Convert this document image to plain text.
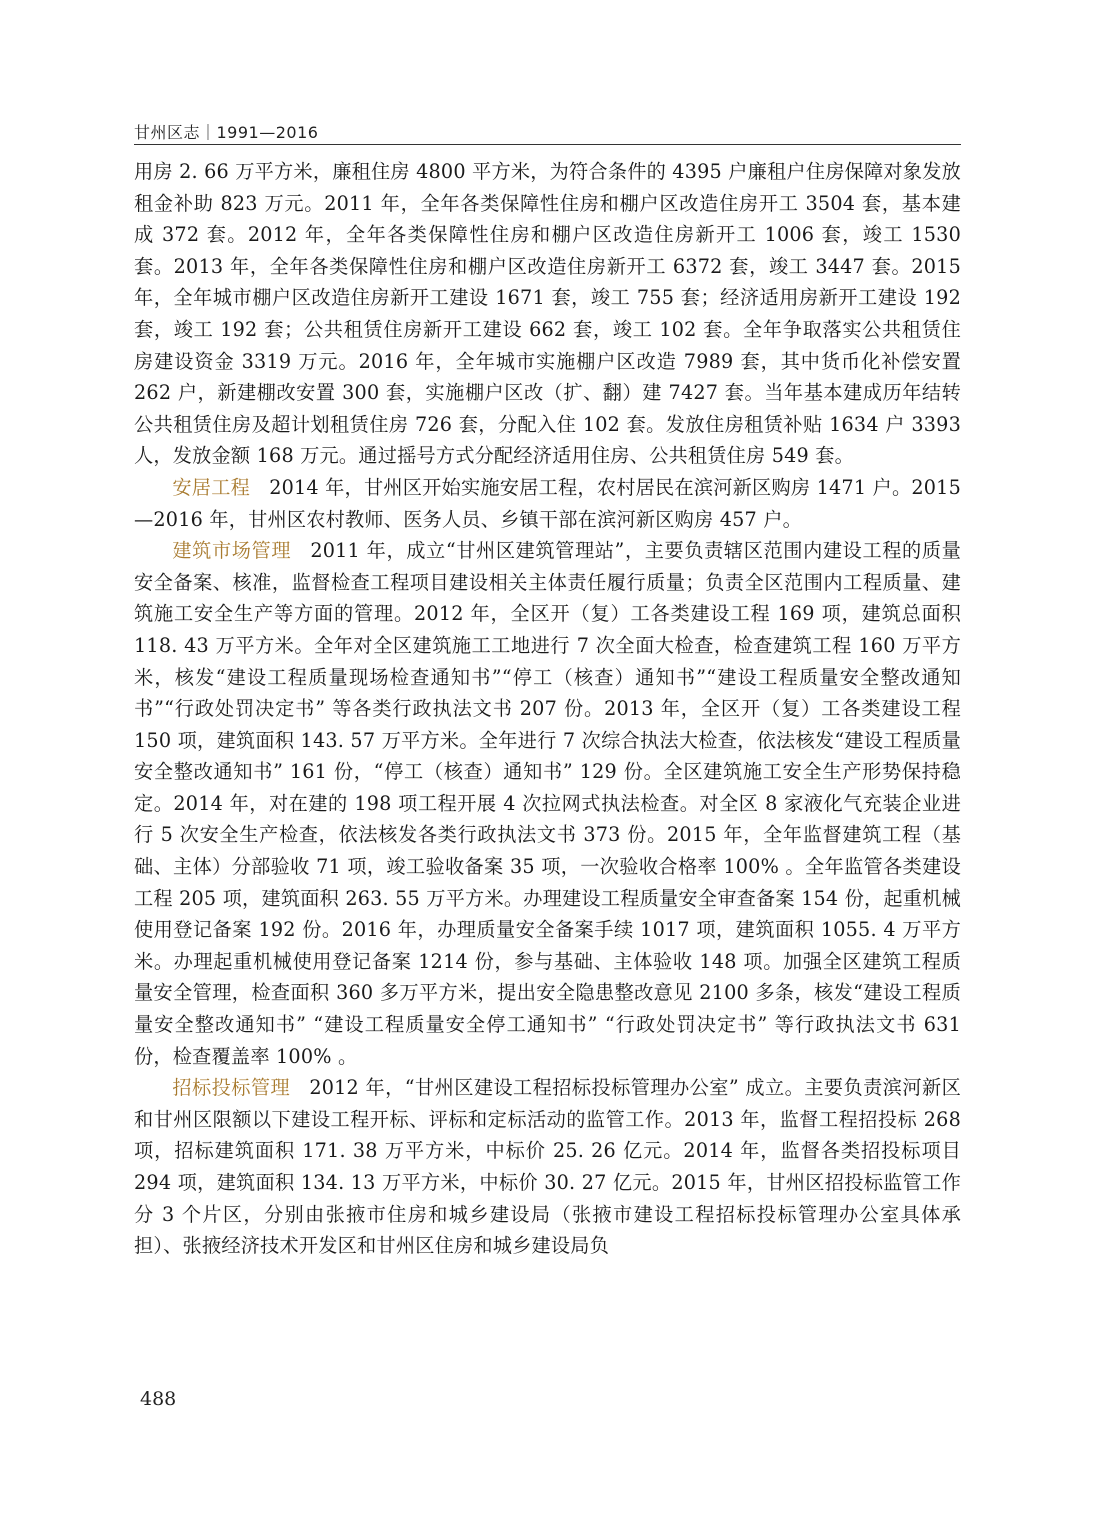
甘州区志｜1991—2016

用房 2. 66 万平方米，廉租住房 4800 平方米，为符合条件的 4395 户廉租户住房保障对象发放租金补助 823 万元。2011 年，全年各类保障性住房和棚户区改造住房开工 3504 套，基本建成 372 套。2012 年，全年各类保障性住房和棚户区改造住房新开工 1006 套，竣工 1530 套。2013 年，全年各类保障性住房和棚户区改造住房新开工 6372 套，竣工 3447 套。2015 年，全年城市棚户区改造住房新开工建设 1671 套，竣工 755 套；经济适用房新开工建设 192 套，竣工 192 套；公共租赁住房新开工建设 662 套，竣工 102 套。全年争取落实公共租赁住房建设资金 3319 万元。2016 年，全年城市实施棚户区改造 7989 套，其中货币化补偿安置 262 户，新建棚改安置 300 套，实施棚户区改（扩、翻）建 7427 套。当年基本建成历年结转公共租赁住房及超计划租赁住房 726 套，分配入住 102 套。发放住房租赁补贴 1634 户 3393 人，发放金额 168 万元。通过摇号方式分配经济适用住房、公共租赁住房 549 套。

安居工程 2014 年，甘州区开始实施安居工程，农村居民在滨河新区购房 1471 户。2015—2016 年，甘州区农村教师、医务人员、乡镇干部在滨河新区购房 457 户。

建筑市场管理 2011 年，成立“甘州区建筑管理站”，主要负责辖区范围内建设工程的质量安全备案、核准，监督检查工程项目建设相关主体责任履行质量；负责全区范围内工程质量、建筑施工安全生产等方面的管理。2012 年，全区开（复）工各类建设工程 169 项，建筑总面积 118. 43 万平方米。全年对全区建筑施工工地进行 7 次全面大检查，检查建筑工程 160 万平方米，核发“建设工程质量现场检查通知书”“停工（核查）通知书”“建设工程质量安全整改通知书”“行政处罚决定书” 等各类行政执法文书 207 份。2013 年，全区开（复）工各类建设工程 150 项，建筑面积 143. 57 万平方米。全年进行 7 次综合执法大检查，依法核发“建设工程质量安全整改通知书” 161 份，“停工（核查）通知书” 129 份。全区建筑施工安全生产形势保持稳定。2014 年，对在建的 198 项工程开展 4 次拉网式执法检查。对全区 8 家液化气充装企业进行 5 次安全生产检查，依法核发各类行政执法文书 373 份。2015 年，全年监督建筑工程（基础、主体）分部验收 71 项，竣工验收备案 35 项，一次验收合格率 100% 。全年监管各类建设工程 205 项，建筑面积 263. 55 万平方米。办理建设工程质量安全审查备案 154 份，起重机械使用登记备案 192 份。2016 年，办理质量安全备案手续 1017 项，建筑面积 1055. 4 万平方米。办理起重机械使用登记备案 1214 份，参与基础、主体验收 148 项。加强全区建筑工程质量安全管理，检查面积 360 多万平方米，提出安全隐患整改意见 2100 多条，核发“建设工程质量安全整改通知书” “建设工程质量安全停工通知书” “行政处罚决定书” 等行政执法文书 631 份，检查覆盖率 100% 。

招标投标管理 2012 年，“甘州区建设工程招标投标管理办公室” 成立。主要负责滨河新区和甘州区限额以下建设工程开标、评标和定标活动的监管工作。2013 年，监督工程招投标 268 项，招标建筑面积 171. 38 万平方米，中标价 25. 26 亿元。2014 年，监督各类招投标项目 294 项，建筑面积 134. 13 万平方米，中标价 30. 27 亿元。2015 年，甘州区招投标监管工作分 3 个片区，分别由张掖市住房和城乡建设局（张掖市建设工程招标投标管理办公室具体承担）、张掖经济技术开发区和甘州区住房和城乡建设局负

488
